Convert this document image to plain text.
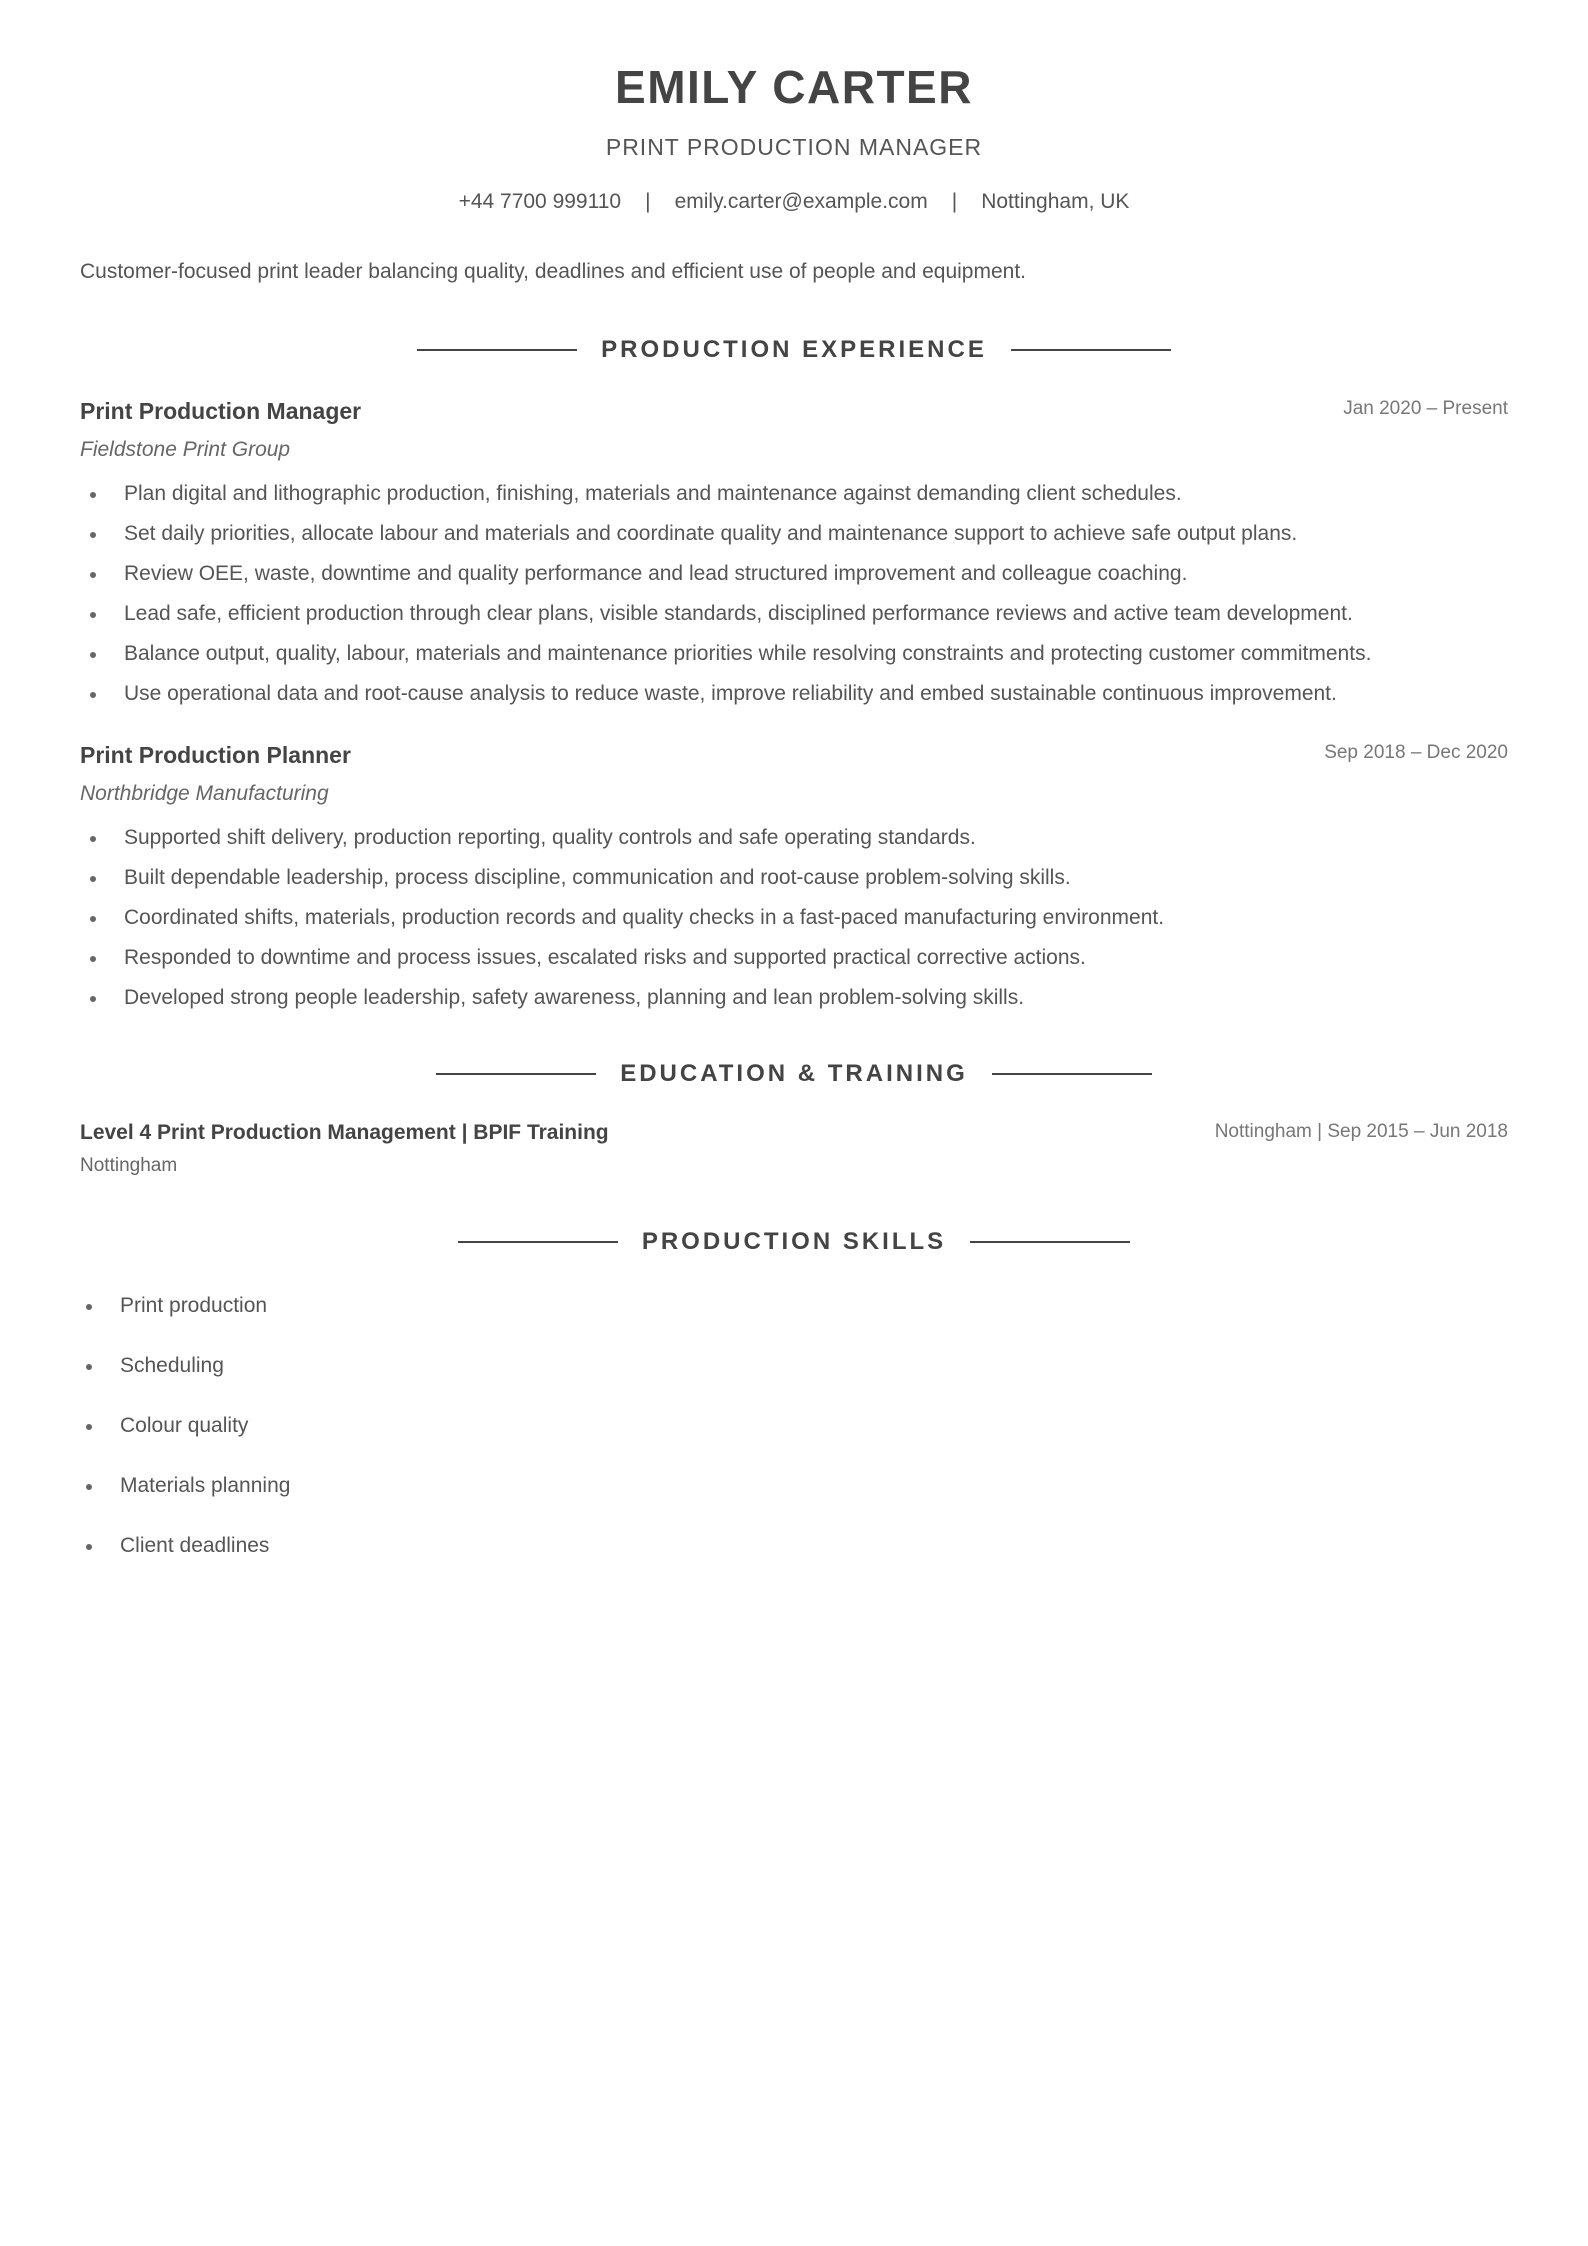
EMILY CARTER
PRINT PRODUCTION MANAGER
+44 7700 999110 | emily.carter@example.com | Nottingham, UK
Customer-focused print leader balancing quality, deadlines and efficient use of people and equipment.
PRODUCTION EXPERIENCE
Print Production Manager	Jan 2020 – Present
Fieldstone Print Group
Plan digital and lithographic production, finishing, materials and maintenance against demanding client schedules.
Set daily priorities, allocate labour and materials and coordinate quality and maintenance support to achieve safe output plans.
Review OEE, waste, downtime and quality performance and lead structured improvement and colleague coaching.
Lead safe, efficient production through clear plans, visible standards, disciplined performance reviews and active team development.
Balance output, quality, labour, materials and maintenance priorities while resolving constraints and protecting customer commitments.
Use operational data and root-cause analysis to reduce waste, improve reliability and embed sustainable continuous improvement.
Print Production Planner	Sep 2018 – Dec 2020
Northbridge Manufacturing
Supported shift delivery, production reporting, quality controls and safe operating standards.
Built dependable leadership, process discipline, communication and root-cause problem-solving skills.
Coordinated shifts, materials, production records and quality checks in a fast-paced manufacturing environment.
Responded to downtime and process issues, escalated risks and supported practical corrective actions.
Developed strong people leadership, safety awareness, planning and lean problem-solving skills.
EDUCATION & TRAINING
Level 4 Print Production Management | BPIF Training	Nottingham | Sep 2015 – Jun 2018
Nottingham
PRODUCTION SKILLS
Print production
Scheduling
Colour quality
Materials planning
Client deadlines
